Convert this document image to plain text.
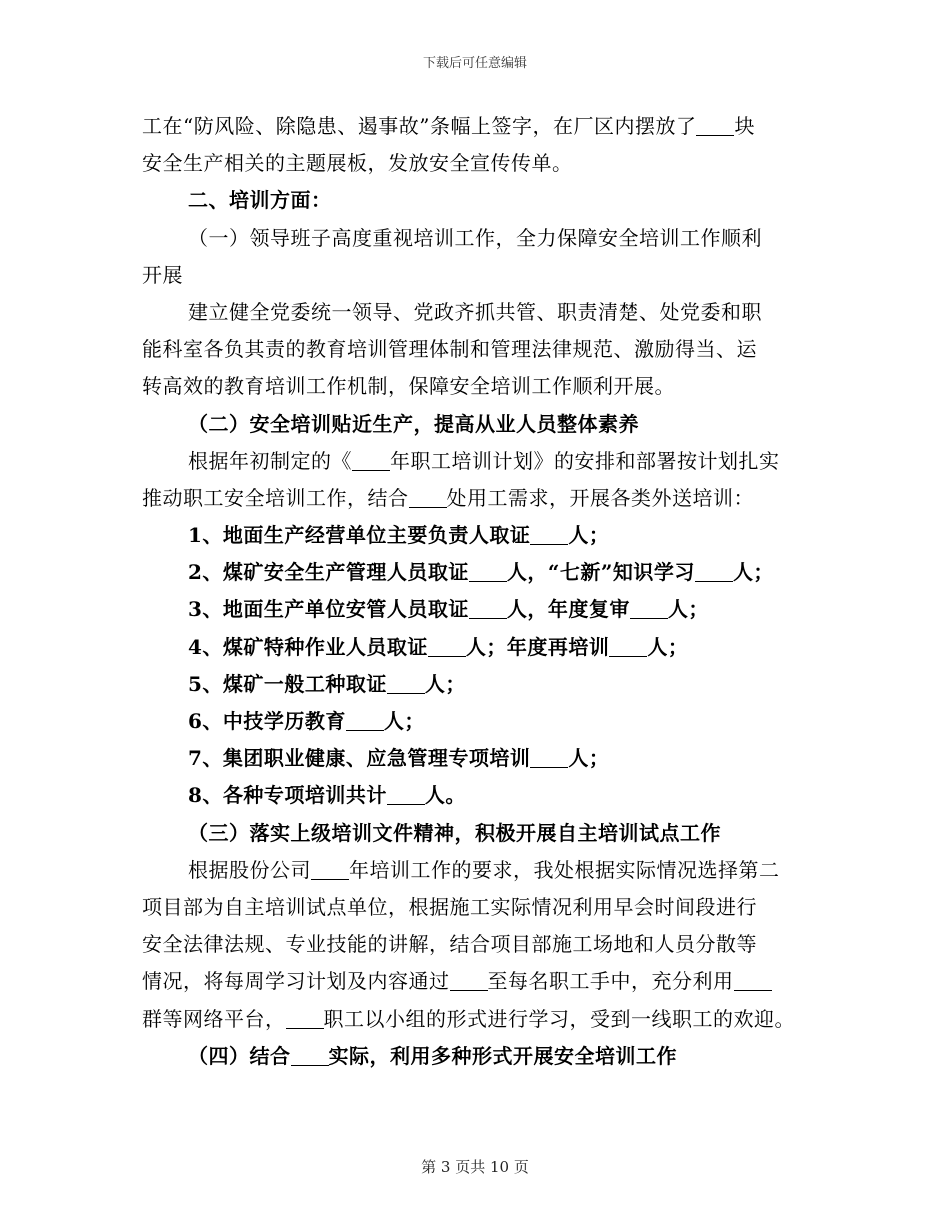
下载后可任意编辑
工在“防风险、除隐患、遏事故”条幅上签字，在厂区内摆放了 块
安全生产相关的主题展板，发放安全宣传传单。
二、培训方面：
（一）领导班子高度重视培训工作，全力保障安全培训工作顺利
开展
建立健全党委统一领导、党政齐抓共管、职责清楚、处党委和职
能科室各负其责的教育培训管理体制和管理法律规范、激励得当、运
转高效的教育培训工作机制，保障安全培训工作顺利开展。
（二）安全培训贴近生产，提高从业人员整体素养
根据年初制定的《 年职工培训计划》的安排和部署按计划扎实
推动职工安全培训工作，结合 处用工需求，开展各类外送培训：
1、地面生产经营单位主要负责人取证 人；
2、煤矿安全生产管理人员取证 人，“七新”知识学习 人；
3、地面生产单位安管人员取证 人，年度复审 人；
4、煤矿特种作业人员取证 人；年度再培训 人；
5、煤矿一般工种取证 人；
6、中技学历教育 人；
7、集团职业健康、应急管理专项培训 人；
8、各种专项培训共计 人。
（三）落实上级培训文件精神，积极开展自主培训试点工作
根据股份公司 年培训工作的要求，我处根据实际情况选择第二
项目部为自主培训试点单位，根据施工实际情况利用早会时间段进行
安全法律法规、专业技能的讲解，结合项目部施工场地和人员分散等
情况，将每周学习计划及内容通过 至每名职工手中，充分利用
群等网络平台， 职工以小组的形式进行学习，受到一线职工的欢迎。
（四）结合 实际，利用多种形式开展安全培训工作
第 3 页共 10 页
